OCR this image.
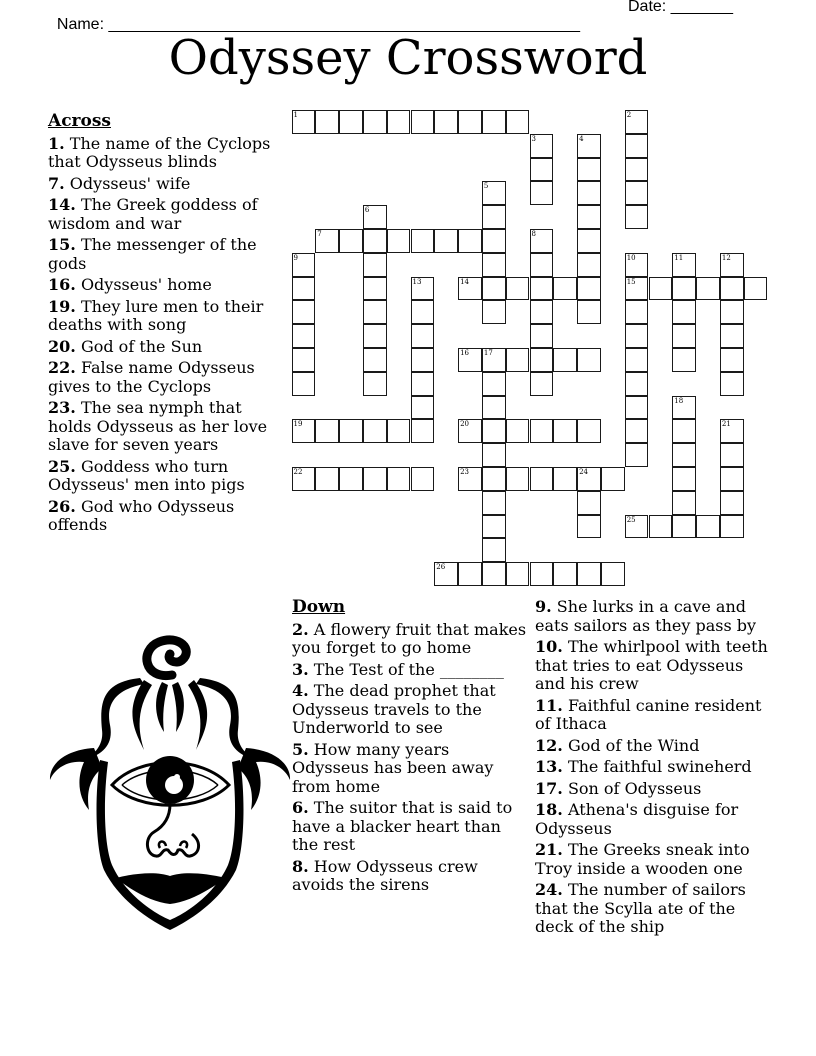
Name: _____________________________________________________

Date: _______

Odyssey Crossword
1	2
3	4
5
6
7	8
9	10
15
11	12
13	14
16 17
18
19	20	21
22	23	24
25
26
Across
1. The name of the Cyclops that Odysseus blinds
7. Odysseus' wife
14. The Greek goddess of wisdom and war
15. The messenger of the gods
16. Odysseus' home
19. They lure men to their deaths with song
20. God of the Sun
22. False name Odysseus gives to the Cyclops
23. The sea nymph that holds Odysseus as her love slave for seven years
25. Goddess who turn Odysseus' men into pigs
26. God who Odysseus offends
Down
2. A flowery fruit that makes you forget to go home
3. The Test of the ________
4. The dead prophet that Odysseus travels to the Underworld to see
5. How many years Odysseus has been away from home
6. The suitor that is said to have a blacker heart than the rest
8. How Odysseus crew avoids the sirens
9. She lurks in a cave and eats sailors as they pass by
10. The whirlpool with teeth that tries to eat Odysseus and his crew
11. Faithful canine resident of Ithaca
12. God of the Wind
13. The faithful swineherd
17. Son of Odysseus
18. Athena's disguise for Odysseus
21. The Greeks sneak into Troy inside a wooden one
24. The number of sailors that the Scylla ate of the deck of the ship
